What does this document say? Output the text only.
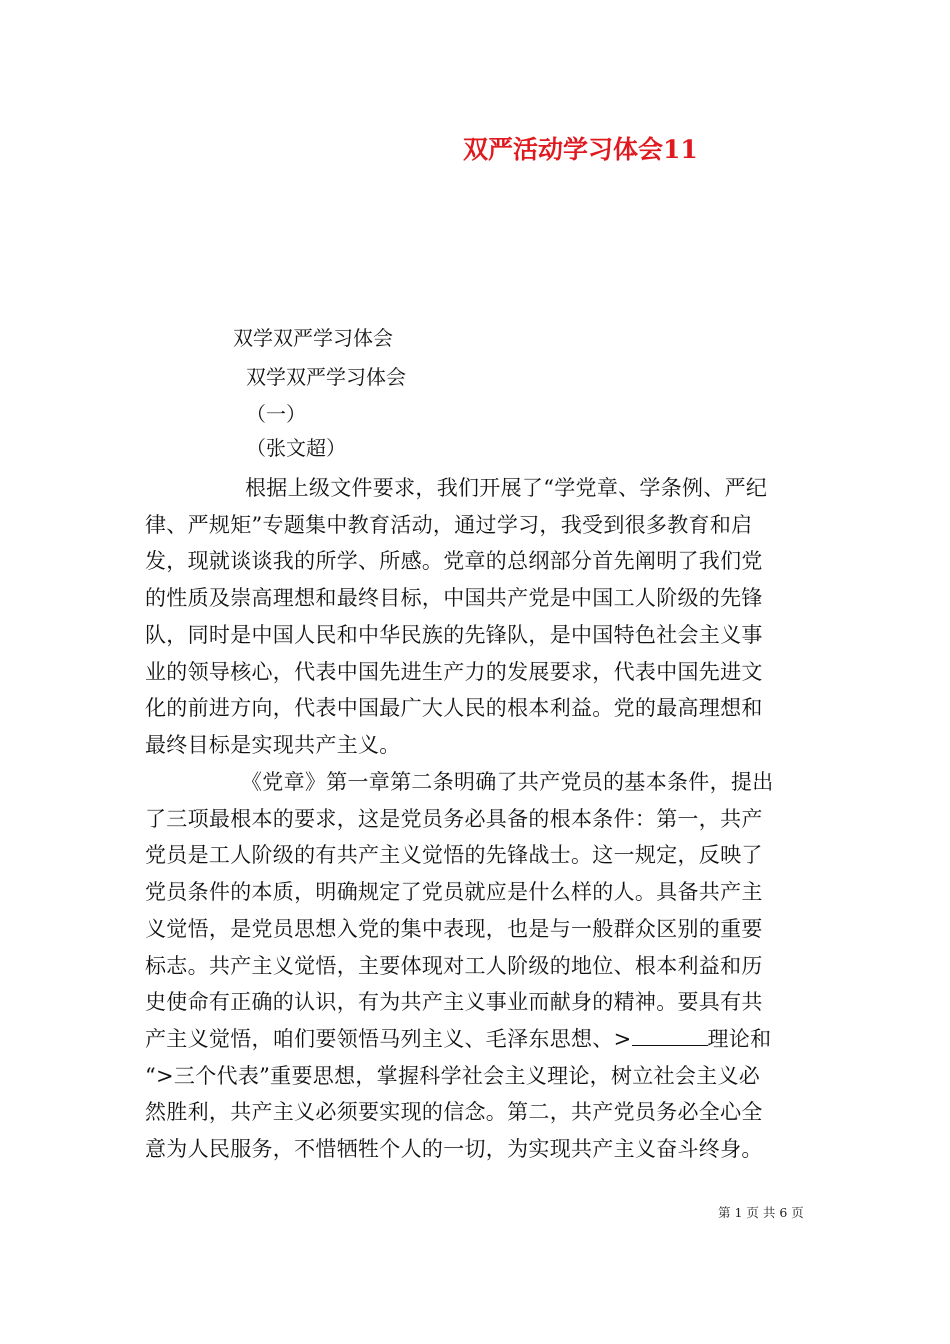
双严活动学习体会11
双学双严学习体会
双学双严学习体会
（一）
（张文超）
根据上级文件要求，我们开展了“学党章、学条例、严纪
律、严规矩”专题集中教育活动，通过学习，我受到很多教育和启
发，现就谈谈我的所学、所感。党章的总纲部分首先阐明了我们党
的性质及崇高理想和最终目标，中国共产党是中国工人阶级的先锋
队，同时是中国人民和中华民族的先锋队，是中国特色社会主义事
业的领导核心，代表中国先进生产力的发展要求，代表中国先进文
化的前进方向，代表中国最广大人民的根本利益。党的最高理想和
最终目标是实现共产主义。
《党章》第一章第二条明确了共产党员的基本条件，提出
了三项最根本的要求，这是党员务必具备的根本条件：第一，共产
党员是工人阶级的有共产主义觉悟的先锋战士。这一规定，反映了
党员条件的本质，明确规定了党员就应是什么样的人。具备共产主
义觉悟，是党员思想入党的集中表现，也是与一般群众区别的重要
标志。共产主义觉悟，主要体现对工人阶级的地位、根本利益和历
史使命有正确的认识，有为共产主义事业而献身的精神。要具有共
产主义觉悟，咱们要领悟马列主义、毛泽东思想、>	理论和
“>三个代表”重要思想，掌握科学社会主义理论，树立社会主义必
然胜利，共产主义必须要实现的信念。第二，共产党员务必全心全
意为人民服务，不惜牺牲个人的一切，为实现共产主义奋斗终身。
第 1 页 共 6 页
